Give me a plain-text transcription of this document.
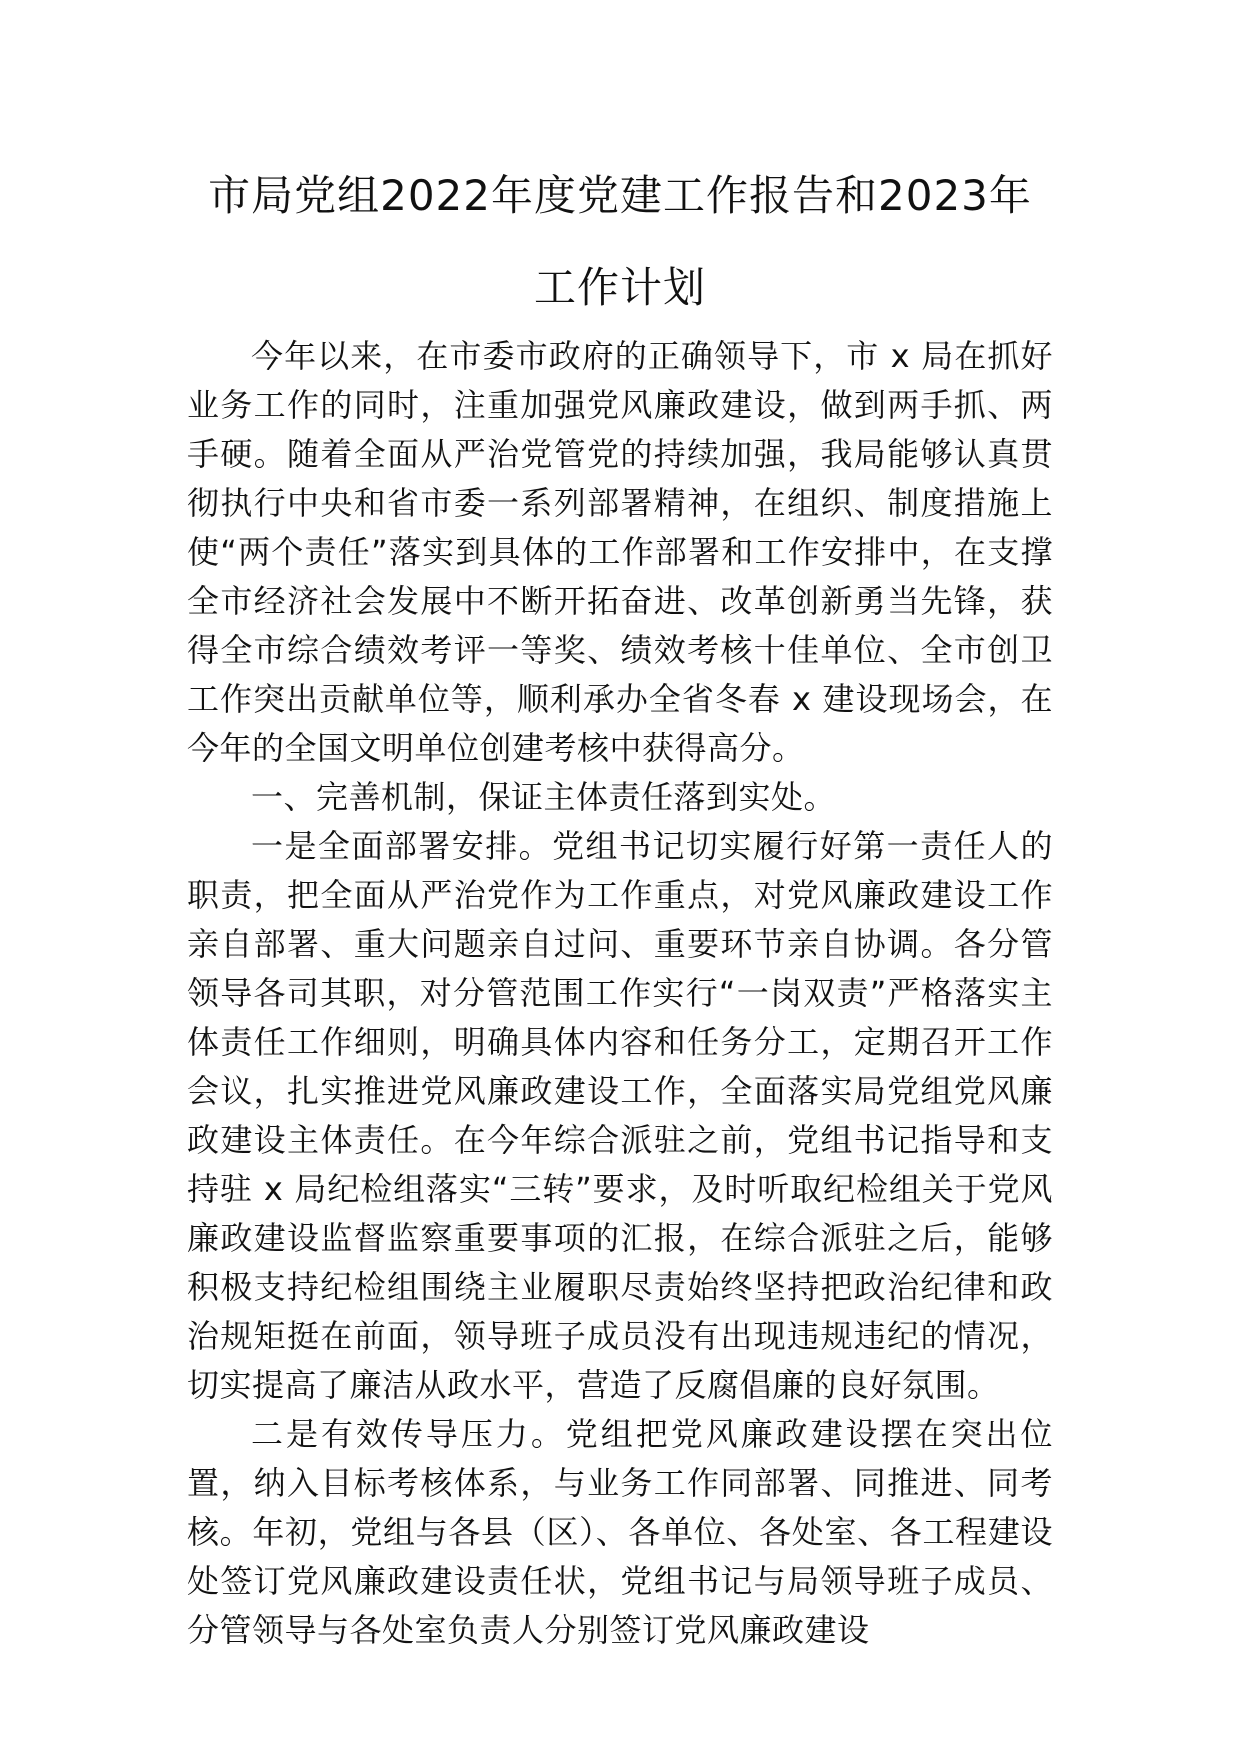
市局党组2022年度党建工作报告和2023年
工作计划

今年以来，在市委市政府的正确领导下，市 x 局在抓好业务工作的同时，注重加强党风廉政建设，做到两手抓、两手硬。随着全面从严治党管党的持续加强，我局能够认真贯彻执行中央和省市委一系列部署精神，在组织、制度措施上使“两个责任”落实到具体的工作部署和工作安排中，在支撑全市经济社会发展中不断开拓奋进、改革创新勇当先锋，获得全市综合绩效考评一等奖、绩效考核十佳单位、全市创卫工作突出贡献单位等，顺利承办全省冬春 x 建设现场会，在今年的全国文明单位创建考核中获得高分。

一、完善机制，保证主体责任落到实处。

一是全面部署安排。党组书记切实履行好第一责任人的职责，把全面从严治党作为工作重点，对党风廉政建设工作亲自部署、重大问题亲自过问、重要环节亲自协调。各分管领导各司其职，对分管范围工作实行“一岗双责”严格落实主体责任工作细则，明确具体内容和任务分工，定期召开工作会议，扎实推进党风廉政建设工作，全面落实局党组党风廉政建设主体责任。在今年综合派驻之前，党组书记指导和支持驻 x 局纪检组落实“三转”要求，及时听取纪检组关于党风廉政建设监督监察重要事项的汇报，在综合派驻之后，能够积极支持纪检组围绕主业履职尽责始终坚持把政治纪律和政治规矩挺在前面，领导班子成员没有出现违规违纪的情况，切实提高了廉洁从政水平，营造了反腐倡廉的良好氛围。

二是有效传导压力。党组把党风廉政建设摆在突出位置，纳入目标考核体系，与业务工作同部署、同推进、同考核。年初，党组与各县（区）、各单位、各处室、各工程建设处签订党风廉政建设责任状，党组书记与局领导班子成员、分管领导与各处室负责人分别签订党风廉政建设
